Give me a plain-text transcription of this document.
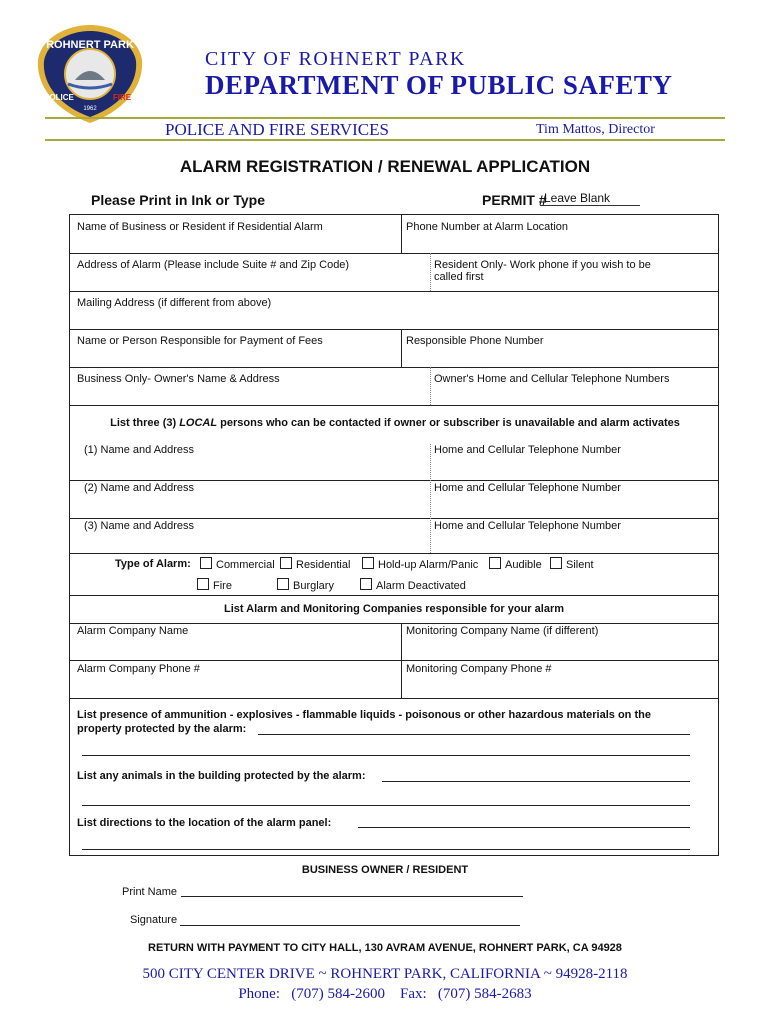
ROHNERT PARK
POLICE	FIRE
1962
CITY OF ROHNERT PARK
DEPARTMENT OF PUBLIC SAFETY
POLICE AND FIRE SERVICES	Tim Mattos, Director
ALARM REGISTRATION / RENEWAL APPLICATION
Please Print in Ink or Type	PERMIT #
Leave Blank
Name of Business or Resident if Residential Alarm	Phone Number at Alarm Location
Address of Alarm (Please include Suite # and Zip Code)	Resident Only- Work phone if you wish to be called first
Mailing Address (if different from above)
Name or Person Responsible for Payment of Fees	Responsible Phone Number
Business Only- Owner's Name & Address	Owner's Home and Cellular Telephone Numbers
List three (3) LOCAL persons who can be contacted if owner or subscriber is unavailable and alarm activates
(1) Name and Address	Home and Cellular Telephone Number
(2) Name and Address	Home and Cellular Telephone Number
(3) Name and Address	Home and Cellular Telephone Number
Type of Alarm:	Commercial	Residential	Hold-up Alarm/Panic	Audible	Silent
Fire	Burglary	Alarm Deactivated
List Alarm and Monitoring Companies responsible for your alarm
Alarm Company Name	Monitoring Company Name (if different)
Alarm Company Phone #	Monitoring Company Phone #
List presence of ammunition - explosives - flammable liquids - poisonous or other hazardous materials on the property protected by the alarm:
List any animals in the building protected by the alarm:
List directions to the location of the alarm panel:
BUSINESS OWNER / RESIDENT
Print Name
Signature
RETURN WITH PAYMENT TO CITY HALL, 130 AVRAM AVENUE, ROHNERT PARK, CA 94928
500 CITY CENTER DRIVE ~ ROHNERT PARK, CALIFORNIA ~ 94928-2118
Phone:   (707) 584-2600    Fax:   (707) 584-2683
